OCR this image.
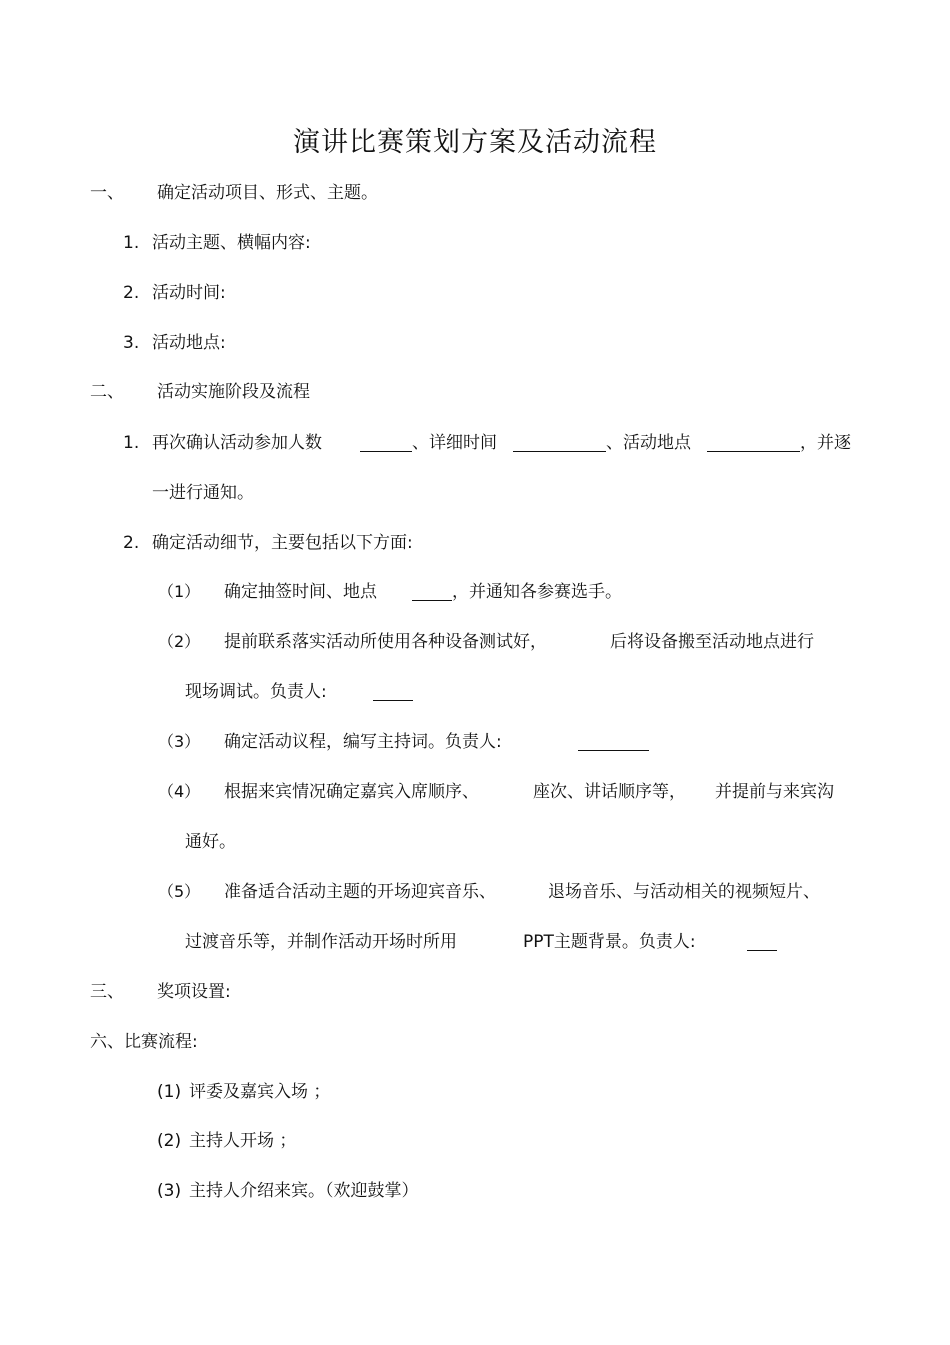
演讲比赛策划方案及活动流程
一、 确定活动项目、形式、主题。
1. 活动主题、横幅内容:
2. 活动时间:
3. 活动地点:
二、 活动实施阶段及流程
1. 再次确认活动参加人数	、详细时间	、活动地点	，并逐
一进行通知。
2. 确定活动细节，主要包括以下方面:
（1） 确定抽签时间、地点	，并通知各参赛选手。
（2） 提前联系落实活动所使用各种设备测试好，	后将设备搬至活动地点进行
现场调试。负责人:
（3） 确定活动议程，编写主持词。负责人:
（4） 根据来宾情况确定嘉宾入席顺序、	座次、讲话顺序等， 并提前与来宾沟
通好。
（5） 准备适合活动主题的开场迎宾音乐、	退场音乐、与活动相关的视频短片、
过渡音乐等，并制作活动开场时所用	PPT主题背景。负责人:
三、 奖项设置:
六、比赛流程:
(1) 评委及嘉宾入场 ；
(2) 主持人开场 ；
(3) 主持人介绍来宾。（欢迎鼓掌）
